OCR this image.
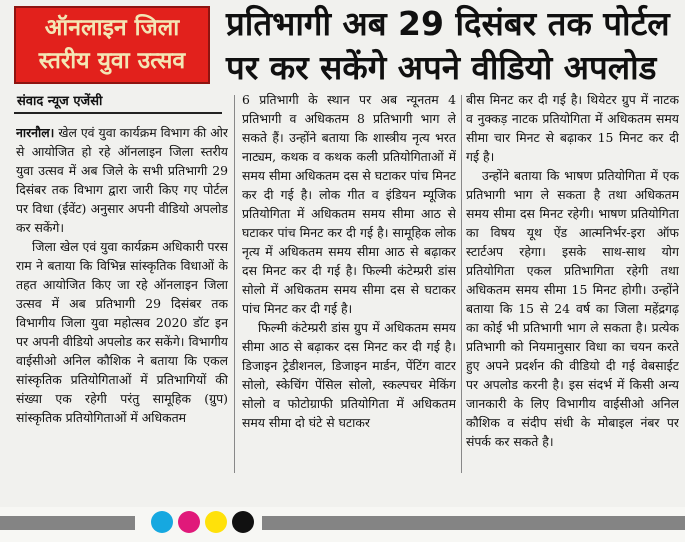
ऑनलाइन जिला
स्तरीय युवा उत्सव
प्रतिभागी अब 29 दिसंबर तक पोर्टल
पर कर सकेंगे अपने वीडियो अपलोड
संवाद न्यूज एजेंसी

नारनौल। खेल एवं युवा कार्यक्रम विभाग की ओर से आयोजित हो रहे ऑनलाइन जिला स्तरीय युवा उत्सव में अब जिले के सभी प्रतिभागी 29 दिसंबर तक विभाग द्वारा जारी किए गए पोर्टल पर विधा (ईवेंट) अनुसार अपनी वीडियो अपलोड कर सकेंगे।

जिला खेल एवं युवा कार्यक्रम अधिकारी परस राम ने बताया कि विभिन्न सांस्कृतिक विधाओं के तहत आयोजित किए जा रहे ऑनलाइन जिला उत्सव में अब प्रतिभागी 29 दिसंबर तक विभागीय जिला युवा महोत्सव 2020 डॉट इन पर अपनी वीडियो अपलोड कर सकेंगे। विभागीय वाईसीओ अनिल कौशिक ने बताया कि एकल सांस्कृतिक प्रतियोगिताओं में प्रतिभागियों की संख्या एक रहेगी परंतु सामूहिक (ग्रुप) सांस्कृतिक प्रतियोगिताओं में अधिकतम

6 प्रतिभागी के स्थान पर अब न्यूनतम 4 प्रतिभागी व अधिकतम 8 प्रतिभागी भाग ले सकते हैं। उन्होंने बताया कि शास्त्रीय नृत्य भरत नाट्यम, कथक व कथक कली प्रतियोगिताओं में समय सीमा अधिकतम दस से घटाकर पांच मिनट कर दी गई है। लोक गीत व इंडियन म्यूजिक प्रतियोगिता में अधिकतम समय सीमा आठ से घटाकर पांच मिनट कर दी गई है। सामूहिक लोक नृत्य में अधिकतम समय सीमा आठ से बढ़ाकर दस मिनट कर दी गई है। फिल्मी कंटेम्प्ररी डांस सोलो में अधिकतम समय सीमा दस से घटाकर पांच मिनट कर दी गई है।

फिल्मी कंटेम्प्ररी डांस ग्रुप में अधिकतम समय सीमा आठ से बढ़ाकर दस मिनट कर दी गई है। डिजाइन ट्रेडीशनल, डिजाइन मार्डन, पेंटिंग वाटर सोलो, स्केचिंग पेंसिल सोलो, स्कल्पचर मेकिंग सोलो व फोटोग्राफी प्रतियोगिता में अधिकतम समय सीमा दो घंटे से घटाकर

बीस मिनट कर दी गई है। थियेटर ग्रुप में नाटक व नुक्कड़ नाटक प्रतियोगिता में अधिकतम समय सीमा चार मिनट से बढ़ाकर 15 मिनट कर दी गई है।

उन्होंने बताया कि भाषण प्रतियोगिता में एक प्रतिभागी भाग ले सकता है तथा अधिकतम समय सीमा दस मिनट रहेगी। भाषण प्रतियोगिता का विषय यूथ ऐंड आत्मनिर्भर-इरा ऑफ स्टार्टअप रहेगा। इसके साथ-साथ योग प्रतियोगिता एकल प्रतिभागिता रहेगी तथा अधिकतम समय सीमा 15 मिनट होगी। उन्होंने बताया कि 15 से 24 वर्ष का जिला महेंद्रगढ़ का कोई भी प्रतिभागी भाग ले सकता है। प्रत्येक प्रतिभागी को नियमानुसार विधा का चयन करते हुए अपने प्रदर्शन की वीडियो दी गई वेबसाईट पर अपलोड करनी है। इस संदर्भ में किसी अन्य जानकारी के लिए विभागीय वाईसीओ अनिल कौशिक व संदीप संधी के मोबाइल नंबर पर संपर्क कर सकते है।
